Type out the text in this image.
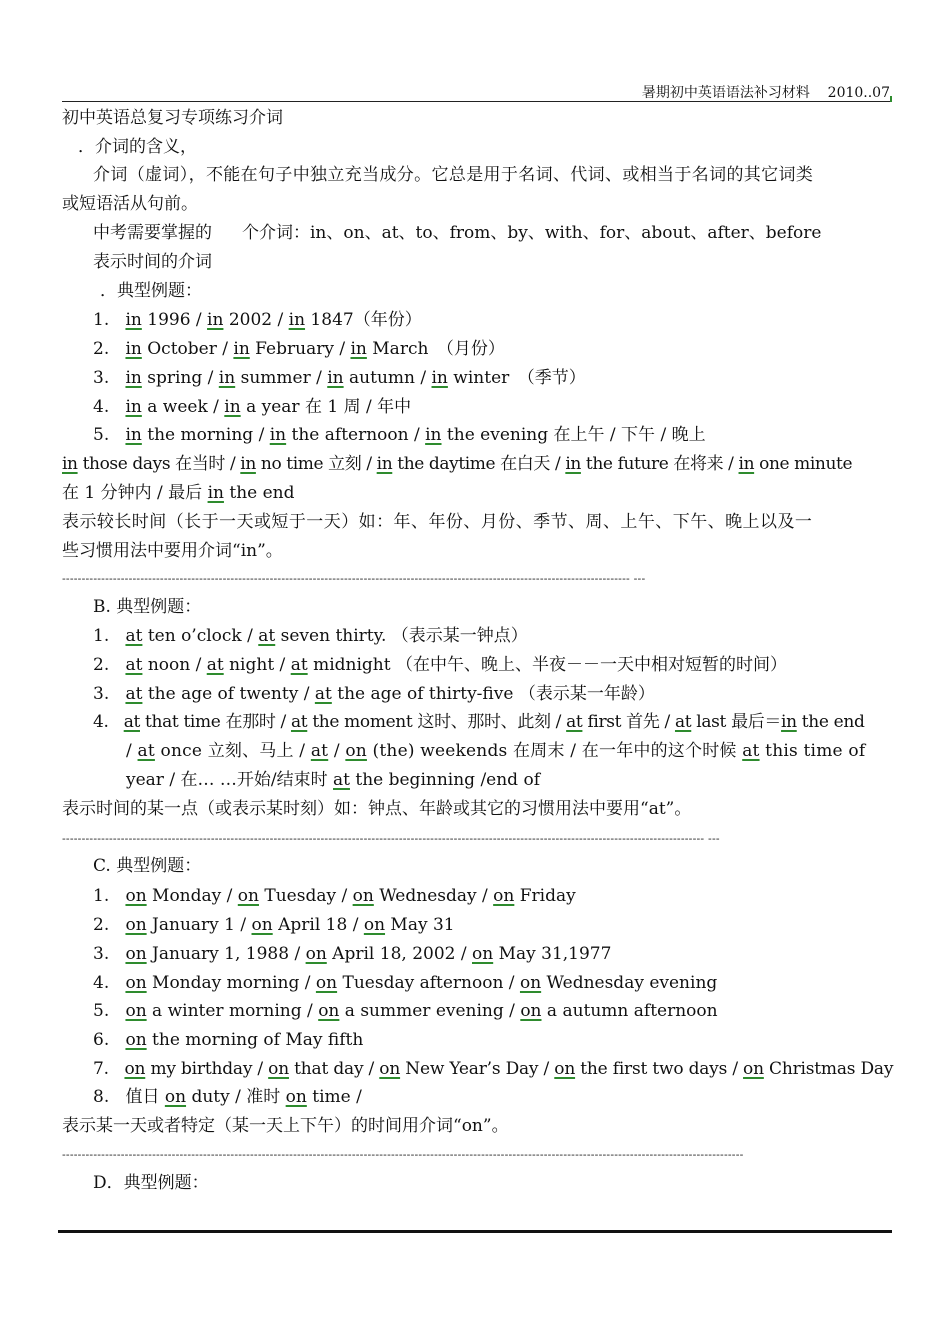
暑期初中英语语法补习材料 2010..07
初中英语总复习专项练习介词
．介词的含义，
介词（虚词），不能在句子中独立充当成分。它总是用于名词、代词、或相当于名词的其它词类
或短语活从句前。
中考需要掌握的 个介词：in、on、at、to、from、by、with、for、about、after、before
表示时间的介词
．典型例题：
1. in 1996 / in 2002 / in 1847（年份）
2. in October / in February / in March　（月份）
3. in spring / in summer / in autumn / in winter　（季节）
4. in a week / in a year 在 1 周 / 年中
5. in the morning / in the afternoon / in the evening 在上午 / 下午 / 晚上
in those days 在当时 / in no time 立刻 / in the daytime 在白天 / in the future 在将来 / in one minute
在 1 分钟内 / 最后 in the end
表示较长时间（长于一天或短于一天）如：年、年份、月份、季节、周、上午、下午、晚上以及一
些习惯用法中要用介词“in”。
------------------------------------------------------------------------------------------------------------------------------------------------- ---
B. 典型例题：
1. at ten o’clock / at seven thirty. （表示某一钟点）
2. at noon / at night / at midnight （在中午、晚上、半夜－－一天中相对短暂的时间）
3. at the age of twenty / at the age of thirty-five （表示某一年龄）
4. at that time 在那时 / at the moment 这时、那时、此刻 / at first 首先 / at last 最后＝in the end
/ at once 立刻、马上 / at / on (the) weekends 在周末 / 在一年中的这个时候 at this time of
year / 在… …开始/结束时 at the beginning /end of
表示时间的某一点（或表示某时刻）如：钟点、年龄或其它的习惯用法中要用“at”。
-------------------------------------------------------------------------------------------------------------------------------------------------------------------- ---
C. 典型例题：
1. on Monday / on Tuesday / on Wednesday / on Friday
2. on January 1 / on April 18 / on May 31
3. on January 1, 1988 / on April 18, 2002 / on May 31,1977
4. on Monday morning / on Tuesday afternoon / on Wednesday evening
5. on a winter morning / on a summer evening / on a autumn afternoon
6. on the morning of May fifth
7. on my birthday / on that day / on New Year’s Day / on the first two days / on Christmas Day
8. 值日 on duty / 准时 on time /
表示某一天或者特定（某一天上下午）的时间用介词“on”。
------------------------------------------------------------------------------------------------------------------------------------------------------------------------------
D．典型例题：
